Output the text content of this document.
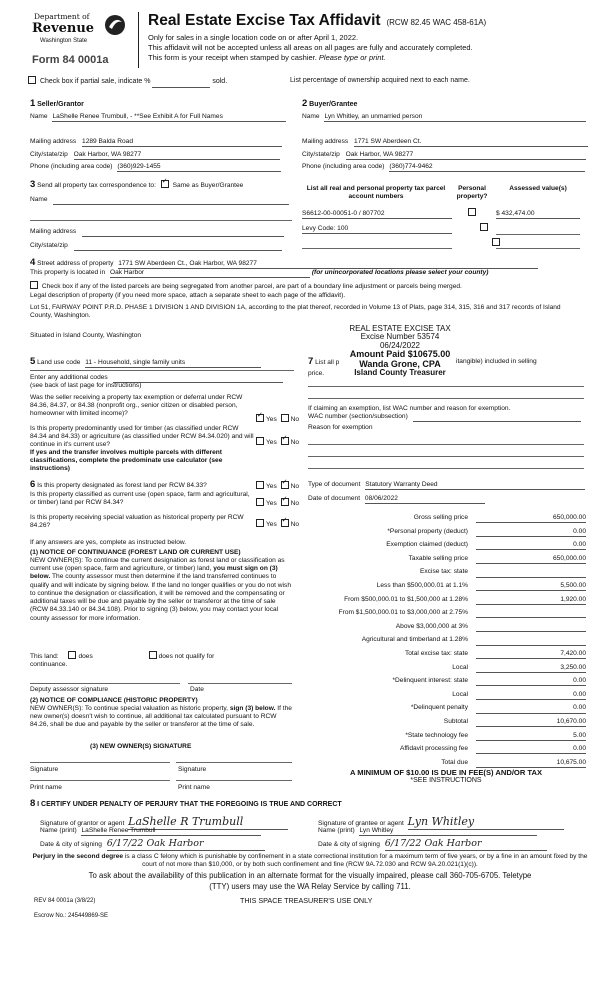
Department of
Revenue
Washington State
Form 84 0001a
Real Estate Excise Tax Affidavit (RCW 82.45 WAC 458-61A)
Only for sales in a single location code on or after April 1, 2022.
This affidavit will not be accepted unless all areas on all pages are fully and accurately completed.
This form is your receipt when stamped by cashier. Please type or print.
Check box if partial sale, indicate %	sold.	List percentage of ownership acquired next to each name.
1 Seller/Grantor
Name LaShelle Renee Trumbull, - **See Exhibit A for Full Names
Mailing address 1289 Balda Road
City/state/zip Oak Harbor, WA 98277
Phone (including area code) (360)929-1455
2 Buyer/Grantee
Name Lyn Whitley, an unmarried person
Mailing address 1771 SW Aberdeen Ct.
City/state/zip Oak Harbor, WA 98277
Phone (including area code) (360)774-9462
3 Send all property tax correspondence to: ✓	Same as Buyer/Grantee
Name
Mailing address
City/state/zip
List all real and personal property tax parcel account numbers
Personal property?
Assessed value(s)
S6612-00-00051-0 / 807702
	$ 432,474.00
Levy Code: 100

4 Street address of property 1771 SW Aberdeen Ct., Oak Harbor, WA 98277
This property is located in Oak Harbor	(for unincorporated locations please select your county)
Check box if any of the listed parcels are being segregated from another parcel, are part of a boundary line adjustment or parcels being merged.
Legal description of property (if you need more space, attach a separate sheet to each page of the affidavit).
Lot 51, FAIRWAY POINT P.R.D. PHASE 1 DIVISION 1 AND DIVISION 1A, according to the plat thereof, recorded in Volume 13 of Plats, page 314, 315, 316 and 317 records of Island County, Washington.
Situated in Island County, Washington
REAL ESTATE EXCISE TAX
Excise Number 53574
06/24/2022
Amount Paid $10675.00
Wanda Grone, CPA
Island County Treasurer
5 Land use code 11 - Household, single family units
Enter any additional codes
(see back of last page for instructions)
Was the seller receiving a property tax exemption or deferral under RCW 84.36, 84.37, or 84.38 (nonprofit org., senior citizen or disabled person, homeowner with limited income)?
✓Yes No
Is this property predominantly used for timber (as classified under RCW 84.34 and 84.33) or agriculture (as classified under RCW 84.34.020) and will continue in it's current use?
If yes and the transfer involves multiple parcels with different classifications, complete the predominate use calculator (see instructions)
Yes ✓ No
7 List all p	itangible) included in selling
price.
If claiming an exemption, list WAC number and reason for exemption.
WAC number (section/subsection)
Reason for exemption
6 Is this property designated as forest land per RCW 84.33?	Yes ✓ No
Is this property classified as current use (open space, farm and agricultural, or timber) land per RCW 84.34?	Yes ✓ No
Is this property receiving special valuation as historical property per RCW 84.26?	Yes ✓ No
If any answers are yes, complete as instructed below.
(1) NOTICE OF CONTINUANCE (FOREST LAND OR CURRENT USE)
NEW OWNER(S): To continue the current designation as forest land or classification as current use (open space, farm and agriculture, or timber) land, you must sign on (3) below. The county assessor must then determine if the land transferred continues to qualify and will indicate by signing below. If the land no longer qualifies or you do not wish to continue the designation or classification, it will be removed and the compensating or additional taxes will be due and payable by the seller or transferor at the time of sale (RCW 84.33.140 or 84.34.108). Prior to signing (3) below, you may contact your local county assessor for more information.
This land:	does	does not qualify for
continuance.
Deputy assessor signature	Date
(2) NOTICE OF COMPLIANCE (HISTORIC PROPERTY)
NEW OWNER(S): To continue special valuation as historic property, sign (3) below. If the new owner(s) doesn't wish to continue, all additional tax calculated pursuant to RCW 84.26, shall be due and payable by the seller or transferor at the time of sale.
(3) NEW OWNER(S) SIGNATURE
Signature	Signature
Print name	Print name
Type of document Statutory Warranty Deed
Date of document 08/06/2022
Gross selling price	650,000.00
*Personal property (deduct)	0.00
Exemption claimed (deduct)	0.00
Taxable selling price	650,000.00
Excise tax: state

Less than $500,000.01 at 1.1%	5,500.00
From $500,000.01 to $1,500,000 at 1.28%	1,920.00
From $1,500,000.01 to $3,000,000 at 2.75%

Above $3,000,000 at 3%

Agricultural and timberland at 1.28%

Total excise tax: state	7,420.00
Local	3,250.00
*Delinquent interest: state	0.00
Local	0.00
*Delinquent penalty	0.00
Subtotal	10,670.00
*State technology fee	5.00
Affidavit processing fee	0.00
Total due	10,675.00
A MINIMUM OF $10.00 IS DUE IN FEE(S) AND/OR TAX
*SEE INSTRUCTIONS
8 I CERTIFY UNDER PENALTY OF PERJURY THAT THE FOREGOING IS TRUE AND CORRECT
Signature of grantor or agent LaShelle R Trumbull
Name (print) LaShelle Renee Trumbull
Date & city of signing 6/17/22 Oak Harbor
Signature of grantee or agent Lyn Whitley
Name (print) Lyn Whitley
Date & city of signing 6/17/22 Oak Harbor
Perjury in the second degree is a class C felony which is punishable by confinement in a state correctional institution for a maximum term of five years, or by a fine in an amount fixed by the court of not more than $10,000, or by both such confinement and fine (RCW 9A.72.030 and RCW 9A.20.021(1)(c)).
To ask about the availability of this publication in an alternate format for the visually impaired, please call 360-705-6705. Teletype
(TTY) users may use the WA Relay Service by calling 711.
REV 84 0001a (3/8/22)	THIS SPACE TREASURER'S USE ONLY
Escrow No.: 245449869-SE
